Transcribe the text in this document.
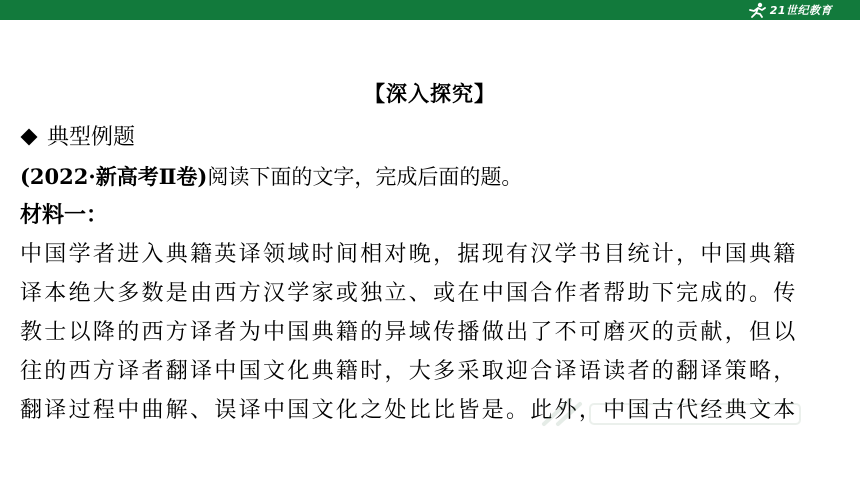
21世纪教育
【深入探究】
典型例题
(2022·新高考Ⅱ卷)阅读下面的文字，完成后面的题。
材料一：
中国学者进入典籍英译领域时间相对晚，据现有汉学书目统计，中国典籍
译本绝大多数是由西方汉学家或独立、或在中国合作者帮助下完成的。传
教士以降的西方译者为中国典籍的异域传播做出了不可磨灭的贡献，但以
往的西方译者翻译中国文化典籍时，大多采取迎合译语读者的翻译策略，
翻译过程中曲解、误译中国文化之处比比皆是。此外，中国古代经典文本
